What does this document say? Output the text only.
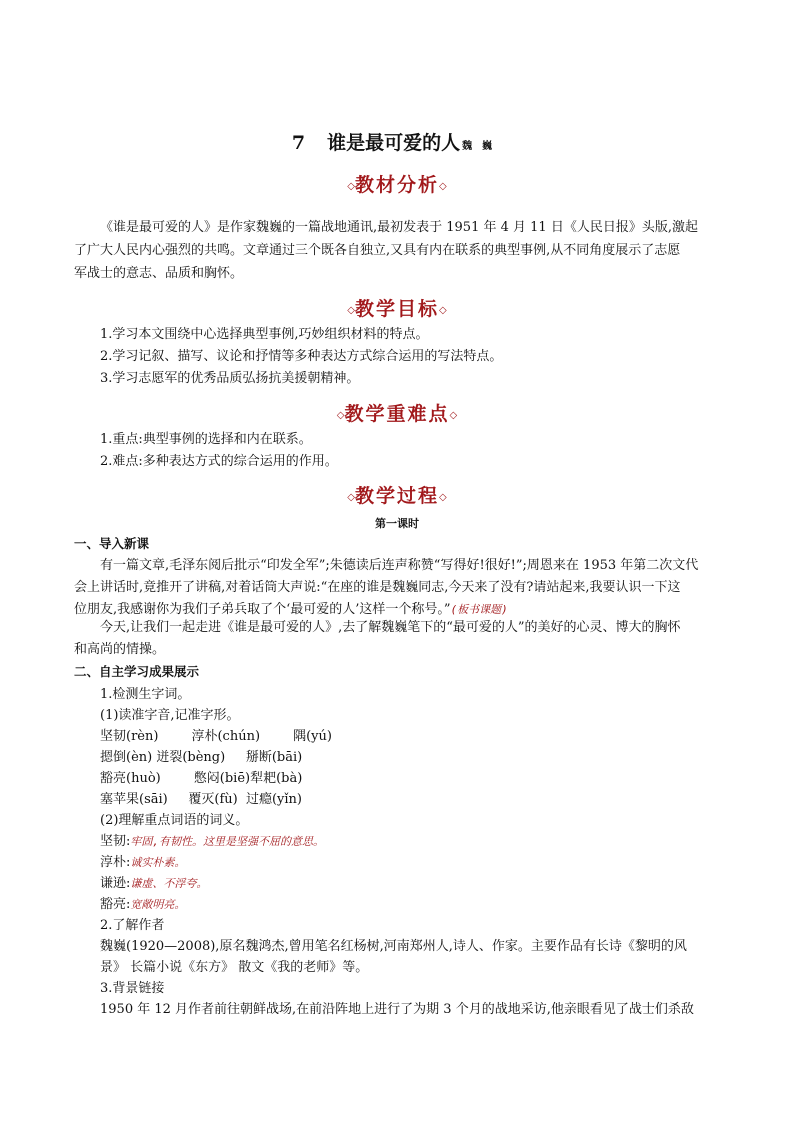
7 谁是最可爱的人 魏巍
◇教材分析◇
《谁是最可爱的人》是作家魏巍的一篇战地通讯,最初发表于 1951 年 4 月 11 日《人民日报》头版,激起
了广大人民内心强烈的共鸣。文章通过三个既各自独立,又具有内在联系的典型事例,从不同角度展示了志愿
军战士的意志、品质和胸怀。
◇教学目标◇
1.学习本文围绕中心选择典型事例,巧妙组织材料的特点。
2.学习记叙、描写、议论和抒情等多种表达方式综合运用的写法特点。
3.学习志愿军的优秀品质弘扬抗美援朝精神。
◇教学重难点◇
1.重点:典型事例的选择和内在联系。
2.难点:多种表达方式的综合运用的作用。
◇教学过程◇
第一课时
一、导入新课
有一篇文章,毛泽东阅后批示“印发全军”;朱德读后连声称赞“写得好!很好!”;周恩来在 1953 年第二次文代
会上讲话时,竟推开了讲稿,对着话筒大声说:“在座的谁是魏巍同志,今天来了没有?请站起来,我要认识一下这
位朋友,我感谢你为我们子弟兵取了个‘最可爱的人’这样一个称号。”(板书课题)
今天,让我们一起走进《谁是最可爱的人》,去了解魏巍笔下的“最可爱的人”的美好的心灵、博大的胸怀
和高尚的情操。
二、自主学习成果展示
1.检测生字词。
(1)读准字音,记准字形。
坚韧(rèn)        淳朴(chún)        隅(yú)
摁倒(èn) 迸裂(bèng)     掰断(bāi)
豁亮(huò)        憋闷(biē)犁耙(bà)
塞苹果(sāi)     覆灭(fù)  过瘾(yǐn)
(2)理解重点词语的词义。
坚韧:牢固,有韧性。这里是坚强不屈的意思。
淳朴:诚实朴素。
谦逊:谦虚、不浮夸。
豁亮:宽敞明亮。
2.了解作者
魏巍(1920—2008),原名魏鸿杰,曾用笔名红杨树,河南郑州人,诗人、作家。主要作品有长诗《黎明的风
景》 长篇小说《东方》 散文《我的老师》等。
3.背景链接
1950 年 12 月作者前往朝鲜战场,在前沿阵地上进行了为期 3 个月的战地采访,他亲眼看见了战士们杀敌
